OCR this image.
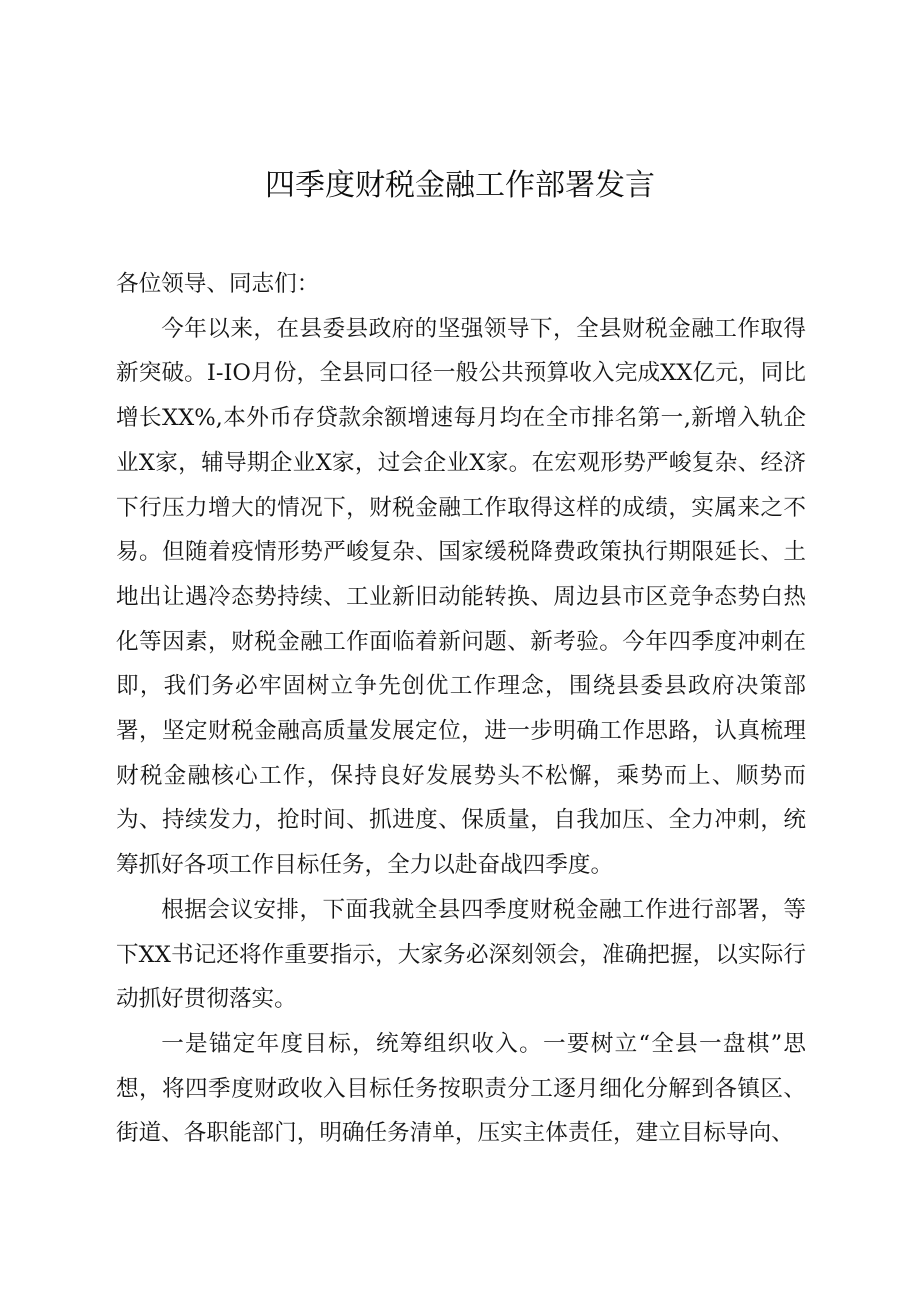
四季度财税金融工作部署发言

各位领导、同志们：

今年以来，在县委县政府的坚强领导下，全县财税金融工作取得新突破。I-IO月份，全县同口径一般公共预算收入完成XX亿元，同比增长XX%,本外币存贷款余额增速每月均在全市排名第一,新增入轨企业X家，辅导期企业X家，过会企业X家。在宏观形势严峻复杂、经济下行压力增大的情况下，财税金融工作取得这样的成绩，实属来之不易。但随着疫情形势严峻复杂、国家缓税降费政策执行期限延长、土地出让遇冷态势持续、工业新旧动能转换、周边县市区竞争态势白热化等因素，财税金融工作面临着新问题、新考验。今年四季度冲刺在即，我们务必牢固树立争先创优工作理念，围绕县委县政府决策部署，坚定财税金融高质量发展定位，进一步明确工作思路，认真梳理财税金融核心工作，保持良好发展势头不松懈，乘势而上、顺势而为、持续发力，抢时间、抓进度、保质量，自我加压、全力冲刺，统筹抓好各项工作目标任务，全力以赴奋战四季度。

根据会议安排，下面我就全县四季度财税金融工作进行部署，等下XX书记还将作重要指示，大家务必深刻领会，准确把握，以实际行动抓好贯彻落实。

一是锚定年度目标，统筹组织收入。一要树立“全县一盘棋”思想，将四季度财政收入目标任务按职责分工逐月细化分解到各镇区、街道、各职能部门，明确任务清单，压实主体责任，建立目标导向、
